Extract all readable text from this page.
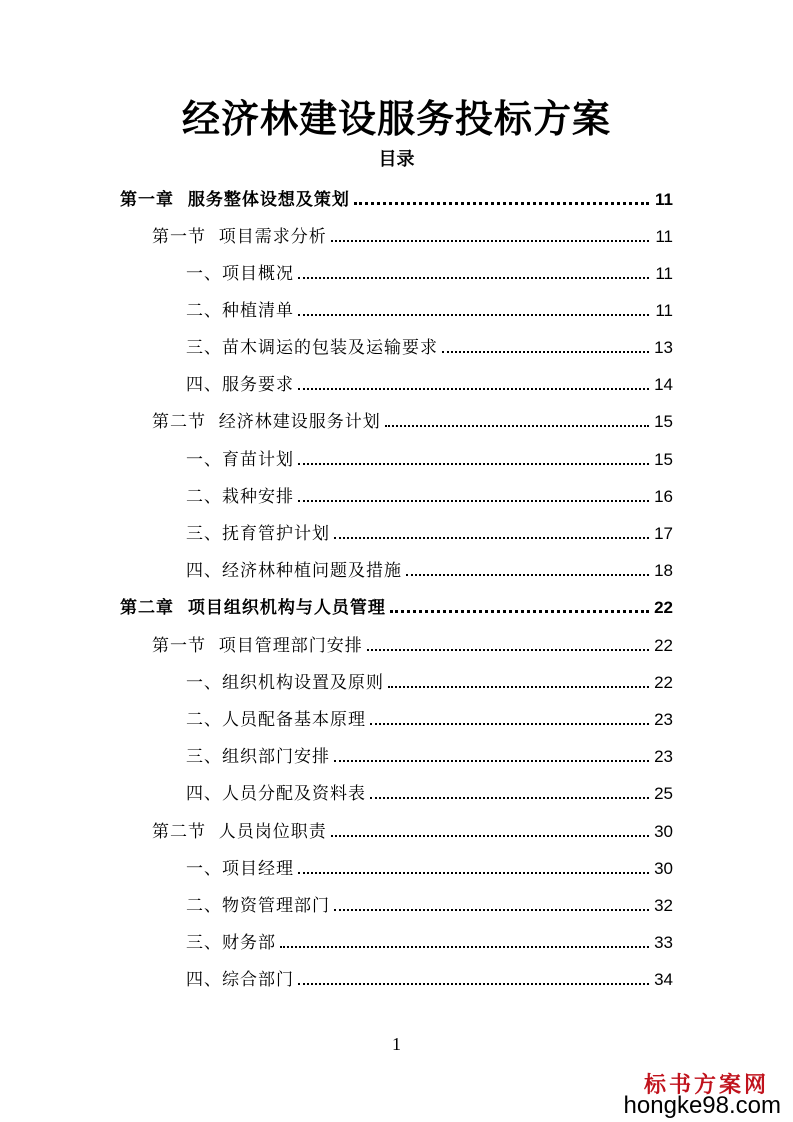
经济林建设服务投标方案
目录
第一章  服务整体设想及策划	11
第一节  项目需求分析	11
一、项目概况	11
二、种植清单	11
三、苗木调运的包装及运输要求	13
四、服务要求	14
第二节  经济林建设服务计划	15
一、育苗计划	15
二、栽种安排	16
三、抚育管护计划	17
四、经济林种植问题及措施	18
第二章  项目组织机构与人员管理	22
第一节  项目管理部门安排	22
一、组织机构设置及原则	22
二、人员配备基本原理	23
三、组织部门安排	23
四、人员分配及资料表	25
第二节  人员岗位职责	30
一、项目经理	30
二、物资管理部门	32
三、财务部	33
四、综合部门	34
1
标书方案网
hongke98.com
